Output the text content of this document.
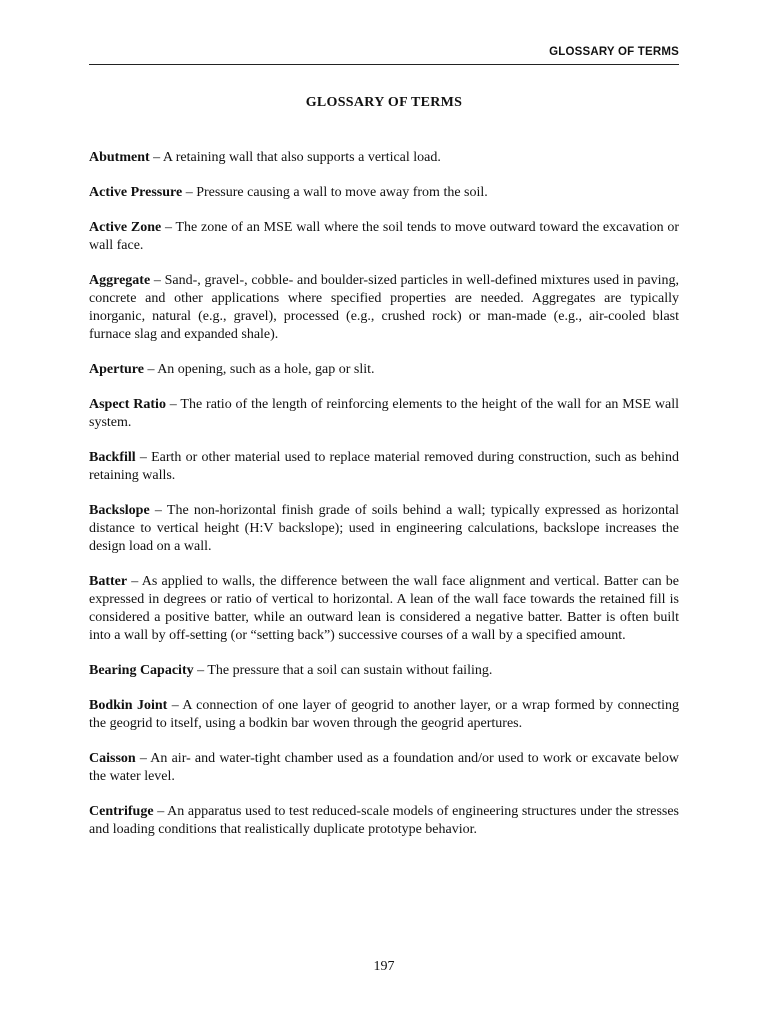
GLOSSARY OF TERMS
GLOSSARY OF TERMS

Abutment – A retaining wall that also supports a vertical load.

Active Pressure – Pressure causing a wall to move away from the soil.

Active Zone – The zone of an MSE wall where the soil tends to move outward toward the excavation or wall face.

Aggregate – Sand-, gravel-, cobble- and boulder-sized particles in well-defined mixtures used in paving, concrete and other applications where specified properties are needed. Aggregates are typically inorganic, natural (e.g., gravel), processed (e.g., crushed rock) or man-made (e.g., air-cooled blast furnace slag and expanded shale).

Aperture – An opening, such as a hole, gap or slit.

Aspect Ratio – The ratio of the length of reinforcing elements to the height of the wall for an MSE wall system.

Backfill – Earth or other material used to replace material removed during construction, such as behind retaining walls.

Backslope – The non-horizontal finish grade of soils behind a wall; typically expressed as horizontal distance to vertical height (H:V backslope); used in engineering calculations, backslope increases the design load on a wall.

Batter – As applied to walls, the difference between the wall face alignment and vertical. Batter can be expressed in degrees or ratio of vertical to horizontal. A lean of the wall face towards the retained fill is considered a positive batter, while an outward lean is considered a negative batter. Batter is often built into a wall by off-setting (or “setting back”) successive courses of a wall by a specified amount.

Bearing Capacity – The pressure that a soil can sustain without failing.

Bodkin Joint – A connection of one layer of geogrid to another layer, or a wrap formed by connecting the geogrid to itself, using a bodkin bar woven through the geogrid apertures.

Caisson – An air- and water-tight chamber used as a foundation and/or used to work or excavate below the water level.

Centrifuge – An apparatus used to test reduced-scale models of engineering structures under the stresses and loading conditions that realistically duplicate prototype behavior.

197
